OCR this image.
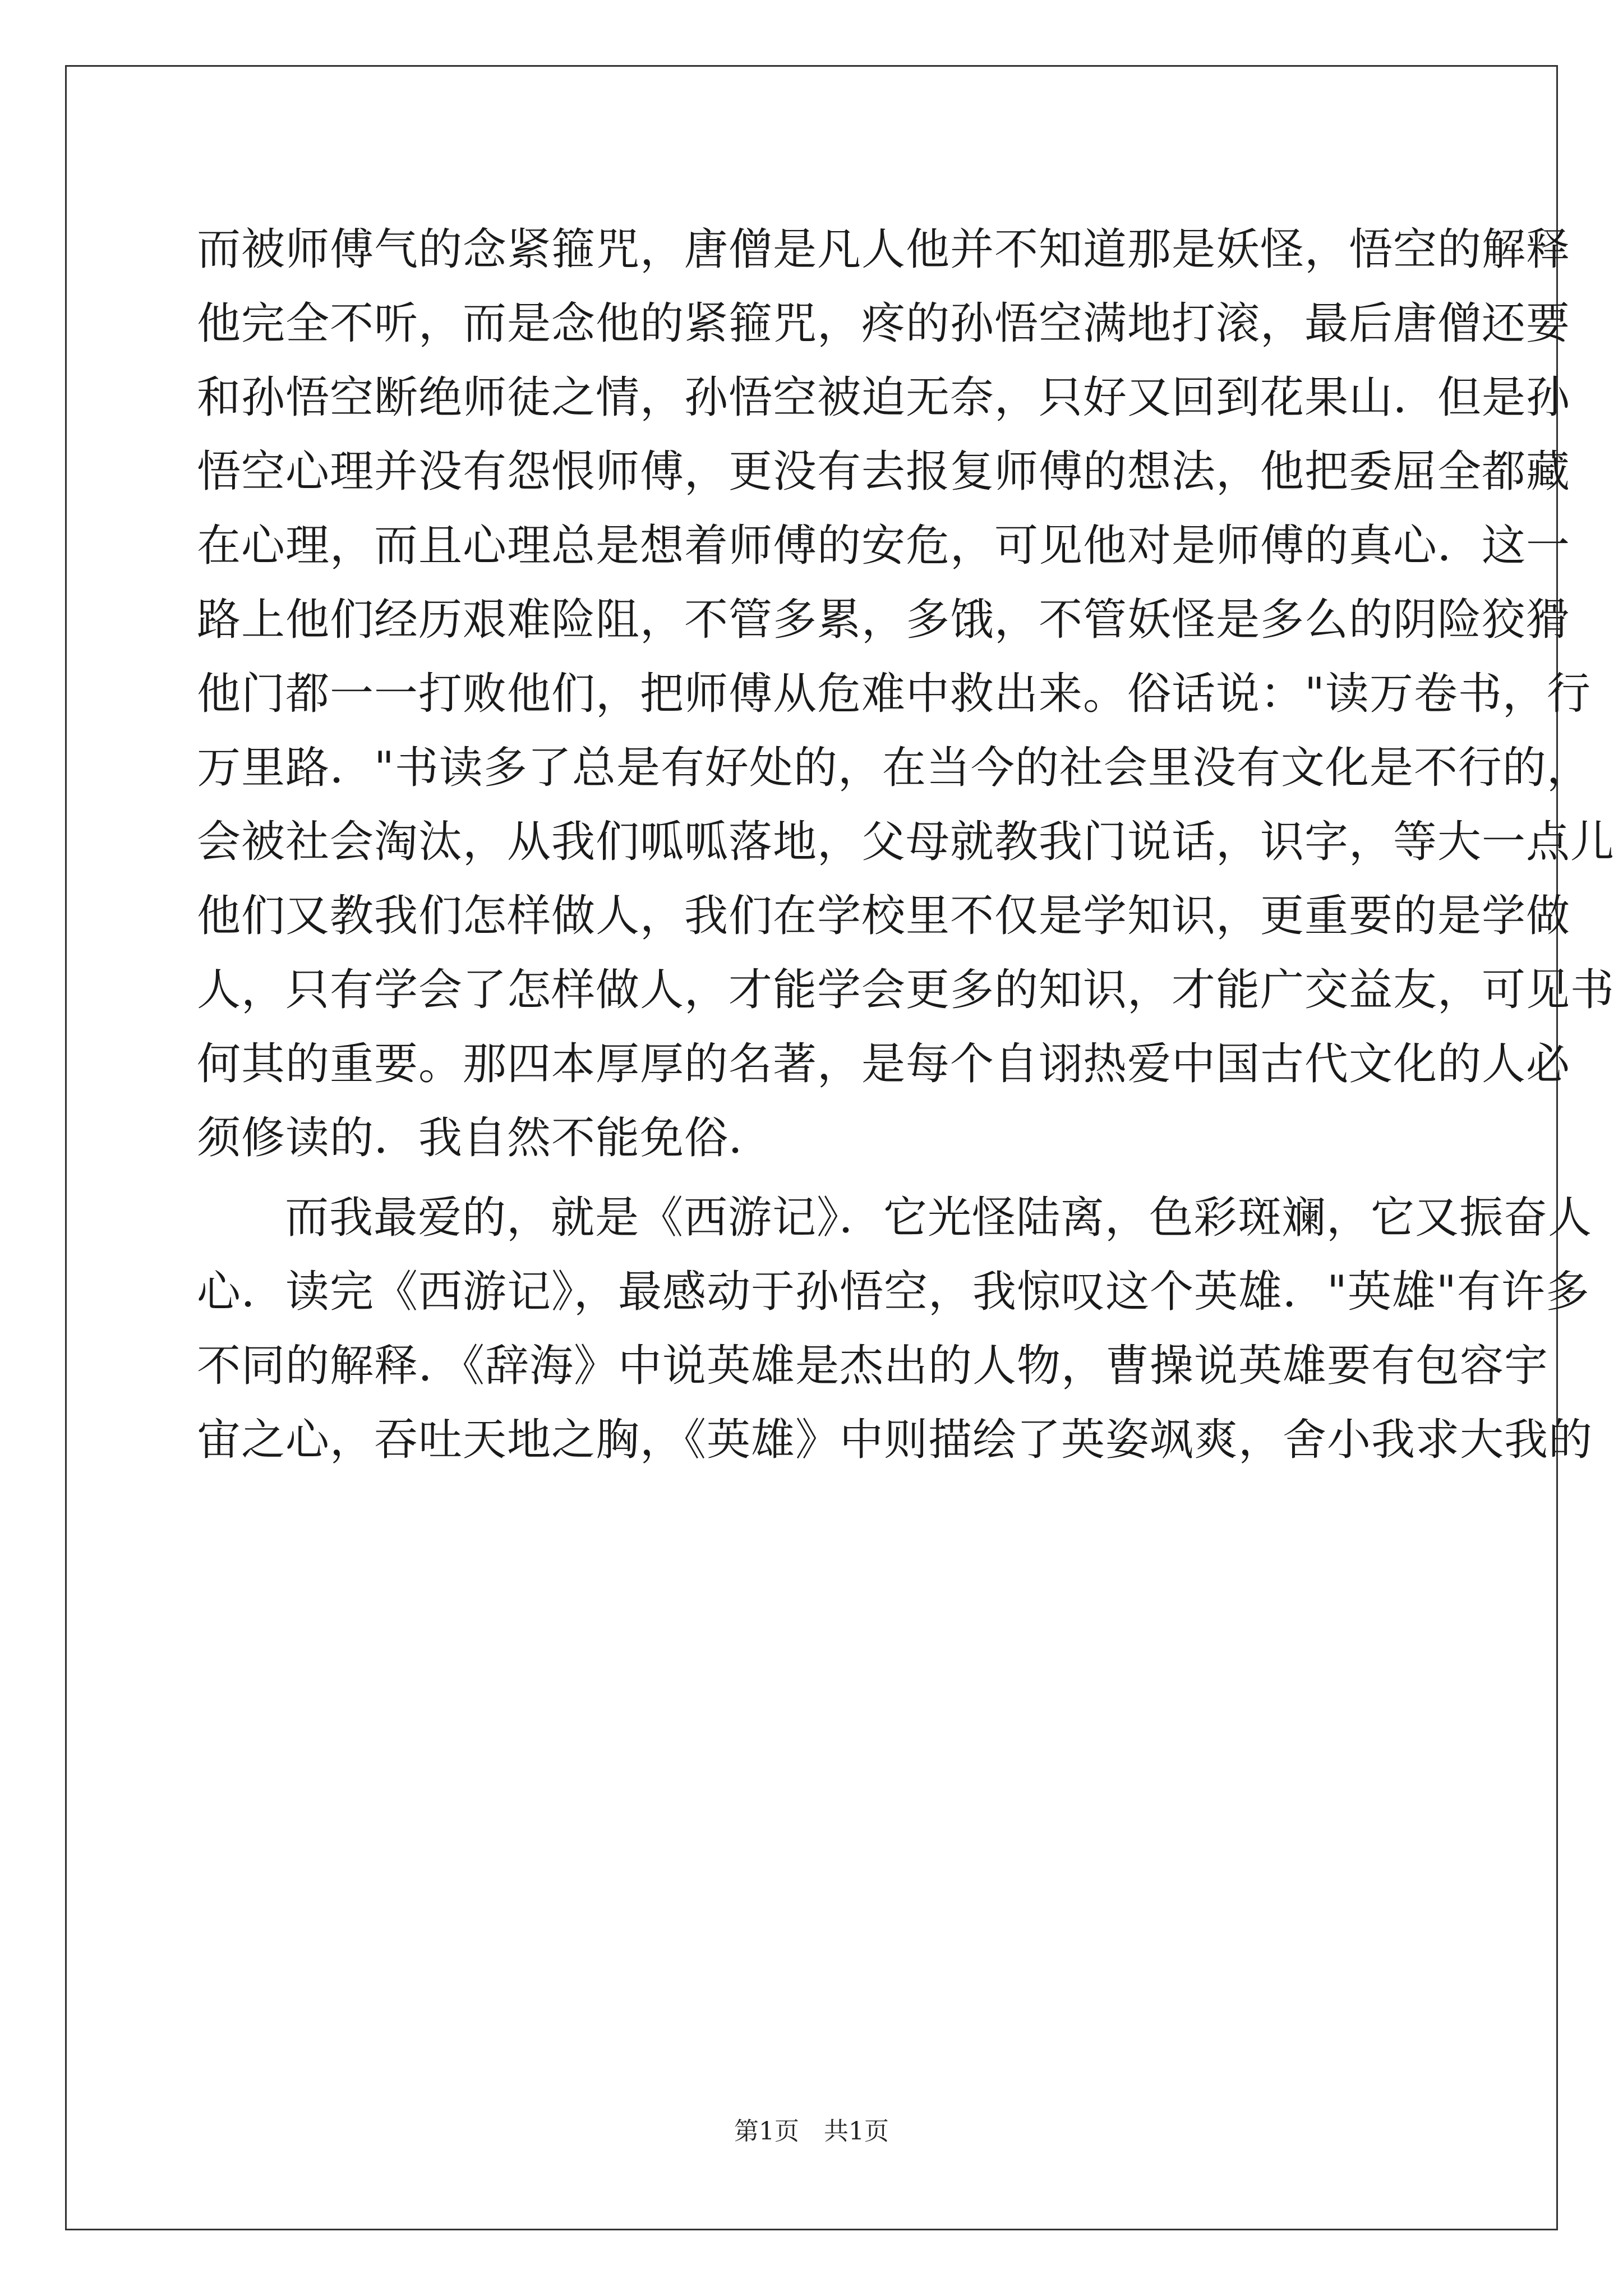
而被师傅气的念紧箍咒，唐僧是凡人他并不知道那是妖怪，悟空的解释
他完全不听，而是念他的紧箍咒，疼的孙悟空满地打滚，最后唐僧还要
和孙悟空断绝师徒之情，孙悟空被迫无奈，只好又回到花果山．但是孙
悟空心理并没有怨恨师傅，更没有去报复师傅的想法，他把委屈全都藏
在心理，而且心理总是想着师傅的安危，可见他对是师傅的真心．这一
路上他们经历艰难险阻，不管多累，多饿，不管妖怪是多么的阴险狡猾
他门都一一打败他们，把师傅从危难中救出来。俗话说："读万卷书，行
万里路．"书读多了总是有好处的，在当今的社会里没有文化是不行的，
会被社会淘汰，从我们呱呱落地，父母就教我门说话，识字，等大一点儿
他们又教我们怎样做人，我们在学校里不仅是学知识，更重要的是学做
人，只有学会了怎样做人，才能学会更多的知识，才能广交益友，可见书
何其的重要。那四本厚厚的名著，是每个自诩热爱中国古代文化的人必
须修读的．我自然不能免俗．
而我最爱的，就是《西游记》．它光怪陆离，色彩斑斓，它又振奋人
心．读完《西游记》，最感动于孙悟空，我惊叹这个英雄．"英雄"有许多
不同的解释．《辞海》中说英雄是杰出的人物，曹操说英雄要有包容宇
宙之心，吞吐天地之胸，《英雄》中则描绘了英姿飒爽，舍小我求大我的
第1页　共1页
